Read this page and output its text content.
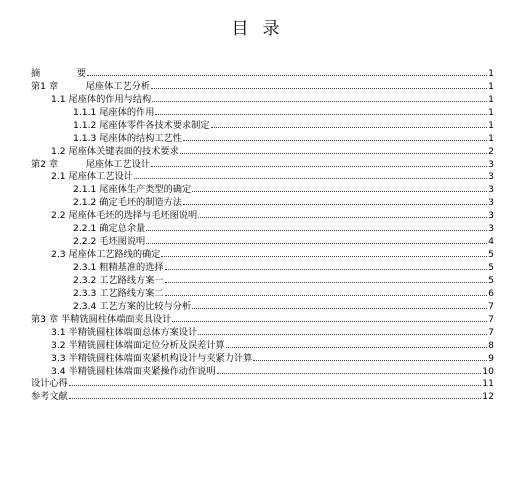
目录
摘　　　　要	1
第1 章　　　尾座体工艺分析	1
1.1 尾座体的作用与结构	1
1.1.1 尾座体的作用	1
1.1.2 尾座体零件各技术要求制定	1
1.1.3 尾座体的结构工艺性	1
1.2 尾座体关键表面的技术要求	2
第2 章　　　尾座体工艺设计	3
2.1 尾座体工艺设计	3
2.1.1 尾座体生产类型的确定	3
2.1.2 确定毛坯的制造方法	3
2.2 尾座体毛坯的选择与毛坯图说明	3
2.2.1 确定总余量	3
2.2.2 毛坯图说明	4
2.3 尾座体工艺路线的确定	5
2.3.1 粗精基准的选择	5
2.3.2 工艺路线方案一	5
2.3.3 工艺路线方案二	6
2.3.4 工艺方案的比较与分析	7
第3 章 半精铣圆柱体端面夹具设计	7
3.1 半精铣圆柱体端面总体方案设计	7
3.2 半精铣圆柱体端面定位分析及误差计算	8
3.3 半精铣圆柱体端面夹紧机构设计与夹紧力计算	9
3.4 半精铣圆柱体端面夹紧操作动作说明	10
设计心得	11
参考文献	12
